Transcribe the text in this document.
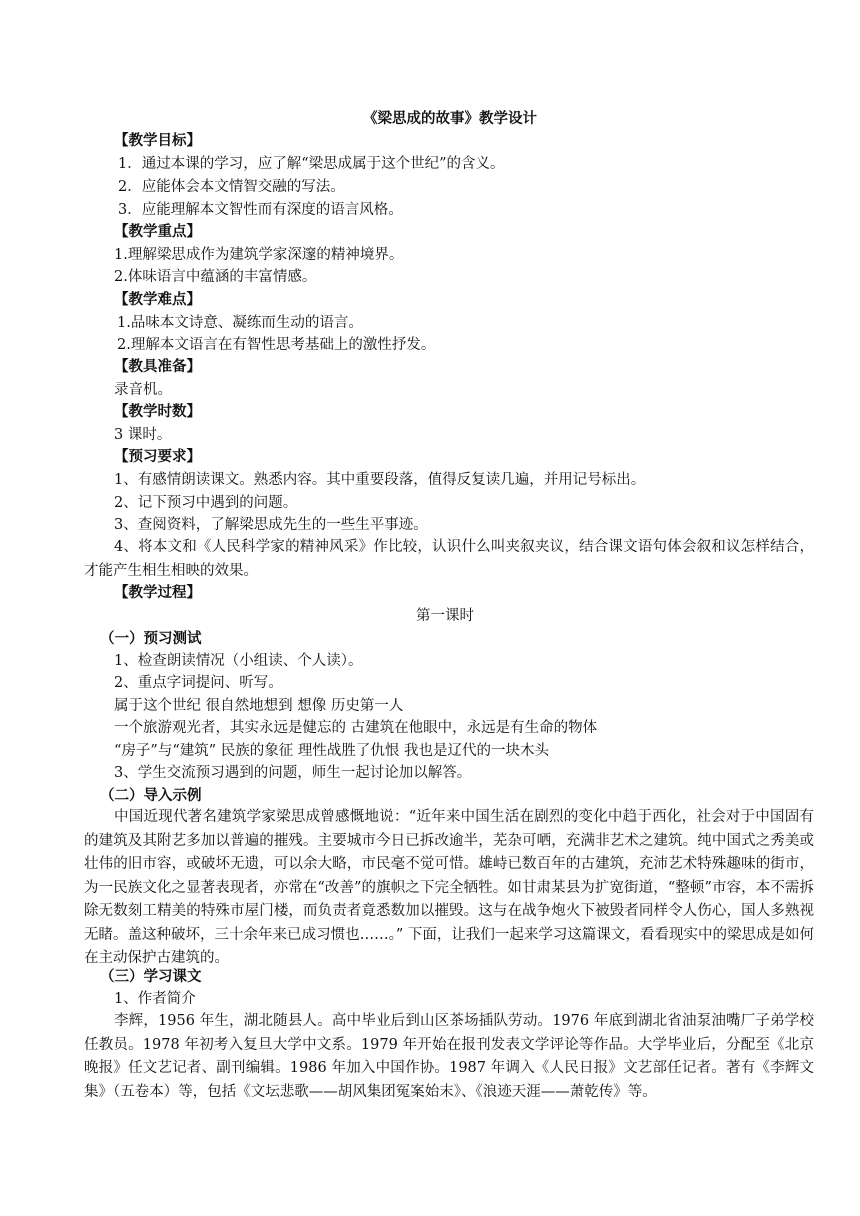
《梁思成的故事》教学设计
【教学目标】
1．通过本课的学习，应了解“梁思成属于这个世纪”的含义。
2．应能体会本文情智交融的写法。
3．应能理解本文智性而有深度的语言风格。
【教学重点】
1.理解梁思成作为建筑学家深邃的精神境界。
2.体味语言中蕴涵的丰富情感。
【教学难点】
1.品味本文诗意、凝练而生动的语言。
2.理解本文语言在有智性思考基础上的激性抒发。
【教具准备】
录音机。
【教学时数】
3 课时。
【预习要求】
1、有感情朗读课文。熟悉内容。其中重要段落，值得反复读几遍，并用记号标出。
2、记下预习中遇到的问题。
3、查阅资料，了解梁思成先生的一些生平事迹。
4、将本文和《人民科学家的精神风采》作比较，认识什么叫夹叙夹议，结合课文语句体会叙和议怎样结合，才能产生相生相映的效果。
【教学过程】
第一课时
（一）预习测试
1、检查朗读情况（小组读、个人读）。
2、重点字词提问、听写。
属于这个世纪 很自然地想到 想像 历史第一人
一个旅游观光者，其实永远是健忘的 古建筑在他眼中，永远是有生命的物体
“房子”与“建筑” 民族的象征 理性战胜了仇恨 我也是辽代的一块木头
3、学生交流预习遇到的问题，师生一起讨论加以解答。
（二）导入示例
中国近现代著名建筑学家梁思成曾感慨地说：“近年来中国生活在剧烈的变化中趋于西化，社会对于中国固有的建筑及其附艺多加以普遍的摧残。主要城市今日已拆改逾半，芜杂可哂，充满非艺术之建筑。纯中国式之秀美或壮伟的旧市容，或破坏无遗，可以余大略，市民毫不觉可惜。雄峙已数百年的古建筑，充沛艺术特殊趣味的街市，为一民族文化之显著表现者，亦常在“改善”的旗帜之下完全牺牲。如甘肃某县为扩宽街道，“整顿”市容，本不需拆除无数刻工精美的特殊市屋门楼，而负责者竟悉数加以摧毁。这与在战争炮火下被毁者同样令人伤心，国人多熟视无睹。盖这种破坏，三十余年来已成习惯也……。” 下面，让我们一起来学习这篇课文，看看现实中的梁思成是如何在主动保护古建筑的。
（三）学习课文
1、作者简介
李辉，1956 年生，湖北随县人。高中毕业后到山区茶场插队劳动。1976 年底到湖北省油泵油嘴厂子弟学校任教员。1978 年初考入复旦大学中文系。1979 年开始在报刊发表文学评论等作品。大学毕业后，分配至《北京晚报》任文艺记者、副刊编辑。1986 年加入中国作协。1987 年调入《人民日报》文艺部任记者。著有《李辉文集》（五卷本）等，包括《文坛悲歌——胡风集团冤案始末》、《浪迹天涯——萧乾传》等。
